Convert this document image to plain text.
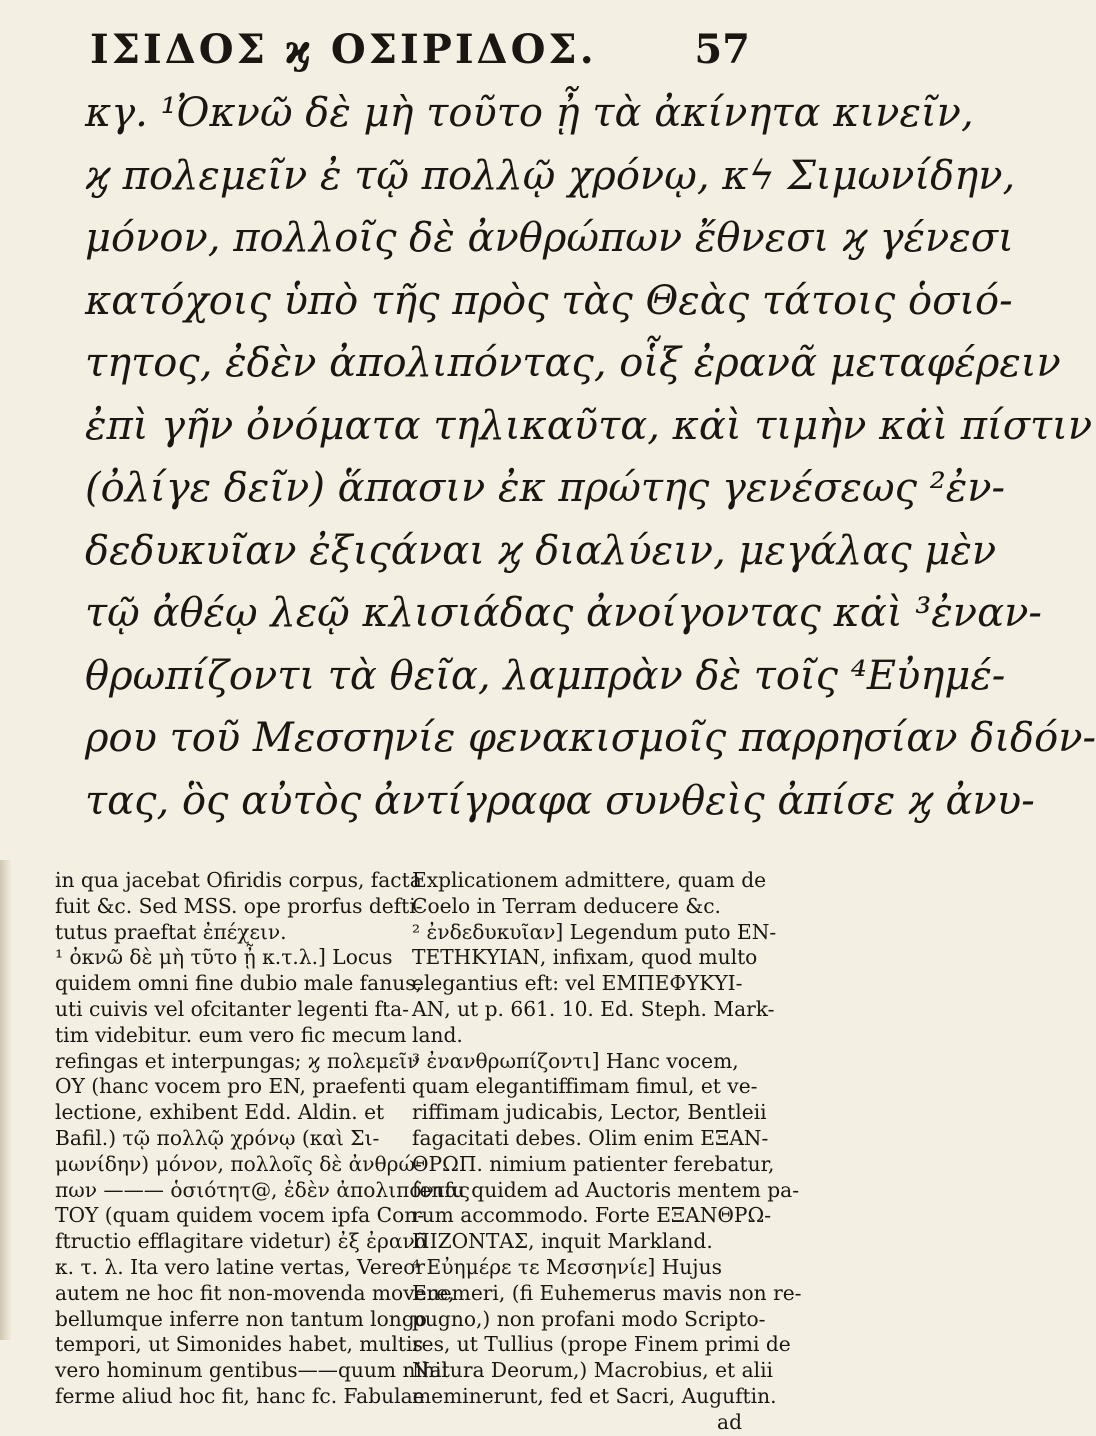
ΙΣΙΔΟΣ ϗ ΟΣΙΡΙΔΟΣ. 57
κγ. ¹Ὀκνῶ δὲ μὴ τοῦτο ᾖ τὰ ἀκίνητα κινεῖν,
ϗ πολεμεῖν ἐ τῷ πολλῷ χρόνῳ, κϟ Σιμωνίδην,
μόνον, πολλοῖς δὲ ἀνθρώπων ἔθνεσι ϗ γένεσι
κατόχοις ὑπὸ τῆς πρὸς τὰς Θεὰς τάτοις ὁσιό-
τητος, ἐδὲν ἀπολιπόντας, οἷξ ἐρανᾶ μεταφέρειν
ἐπὶ γῆν ὀνόματα τηλικαῦτα, κα̇ὶ τιμὴν κα̇ὶ πίστιν
(ὀλίγε δεῖν) ἅπασιν ἐκ πρώτης γενέσεως ²ἐν-
δεδυκυῖαν ἐξιςάναι ϗ διαλύειν, μεγάλας μὲν
τῷ ἀθέῳ λεῷ κλισιάδας ἀνοίγοντας κα̇ὶ ³ἐναν-
θρωπίζοντι τὰ θεῖα, λαμπρὰν δὲ τοῖς ⁴Εὐημέ-
ρου τοῦ Μεσσηνίε φενακισμοῖς παρρησίαν διδόν-
τας, ὃς αὐτὸς ἀντίγραφα συνθεὶς ἀπίσε ϗ ἀνυ-
in qua jacebat Ofiridis corpus, facta
fuit &c. Sed MSS. ope prorfus defti-
tutus praeftat ἐπέχειν.
¹ ὀκνῶ δὲ μὴ τῦτο ᾖ κ.τ.λ.] Locus
quidem omni fine dubio male fanus,
uti cuivis vel ofcitanter legenti fta-
tim videbitur. eum vero fic mecum
refingas et interpungas; ϗ πολεμεῖν
ΟΥ (hanc vocem pro EN, praefenti
lectione, exhibent Edd. Aldin. et
Bafil.) τῷ πολλῷ χρόνῳ (καὶ Σι-
μωνίδην) μόνον, πολλοῖς δὲ ἀνθρώ-
πων ——— ὁσιότητ@, ἐδὲν ἀπολιπόντας
ΤΟΥ (quam quidem vocem ipfa Con-
ftructio efflagitare videtur) ἐξ ἐρανᾶ
κ. τ. λ. Ita vero latine vertas, Vereor
autem ne hoc fit non-movenda movere,
bellumque inferre non tantum longo
tempori, ut Simonides habet, multis
vero hominum gentibus——quum nihil
ferme aliud hoc fit, hanc fc. Fabulae
Explicationem admittere, quam de
Coelo in Terram deducere &c.
² ἐνδεδυκυῖαν] Legendum puto EN-
ΤΕΤΗΚΥΙΑΝ, infixam, quod multo
elegantius eft: vel ΕΜΠΕΦΥΚΥΙ-
ΑΝ, ut p. 661. 10. Ed. Steph. Mark-
land.
³ ἐνανθρωπίζοντι] Hanc vocem,
quam elegantiffimam fimul, et ve-
riffimam judicabis, Lector, Bentleii
fagacitati debes. Olim enim ΕΞΑΝ-
ΘΡΩΠ. nimium patienter ferebatur,
fenfu quidem ad Auctoris mentem pa-
rum accommodo. Forte ΕΞΑΝΘΡΩ-
ΠΙΖΟΝΤΑΣ, inquit Markland.
⁴ Εὐημέρε τε Μεσσηνίε] Hujus
Euemeri, (fi Euhemerus mavis non re-
pugno,) non profani modo Scripto-
res, ut Tullius (prope Finem primi de
Natura Deorum,) Macrobius, et alii
meminerunt, fed et Sacri, Auguftin.
ad
